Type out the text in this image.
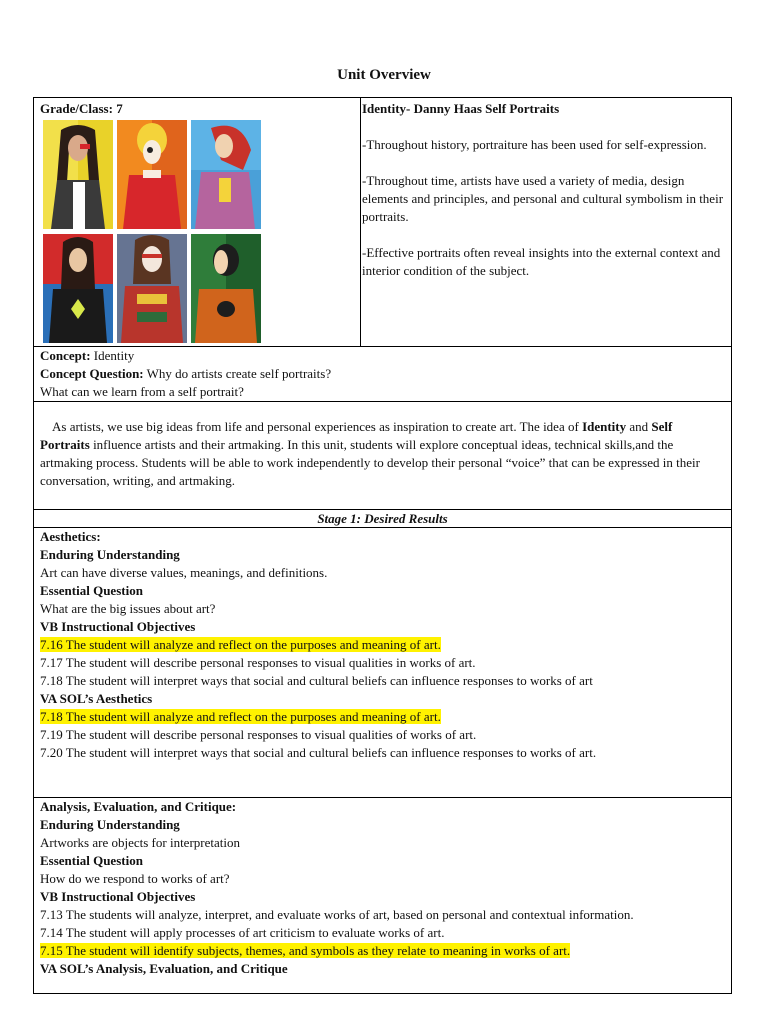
Unit Overview

Grade/Class: 7	Identity- Danny Haas Self Portraits

-Throughout history, portraiture has been used for self-expression.

-Throughout time, artists have used a variety of media, design elements and principles, and personal and cultural symbolism in their portraits.

-Effective portraits often reveal insights into the external context and interior condition of the subject.

Concept: Identity

Concept Question: Why do artists create self portraits?

What can we learn from a self portrait?

As artists, we use big ideas from life and personal experiences as inspiration to create art. The idea of Identity and Self Portraits influence artists and their artmaking. In this unit, students will explore conceptual ideas, technical skills,and the artmaking process. Students will be able to work independently to develop their personal “voice” that can be expressed in their conversation, writing, and artmaking.

Stage 1: Desired Results

Aesthetics:

Enduring Understanding

Art can have diverse values, meanings, and definitions.

Essential Question

What are the big issues about art?

VB Instructional Objectives

7.16 The student will analyze and reflect on the purposes and meaning of art.

7.17 The student will describe personal responses to visual qualities in works of art.

7.18 The student will interpret ways that social and cultural beliefs can influence responses to works of art

VA SOL’s Aesthetics

7.18 The student will analyze and reflect on the purposes and meaning of art.

7.19 The student will describe personal responses to visual qualities of works of art.

7.20 The student will interpret ways that social and cultural beliefs can influence responses to works of art.

Analysis, Evaluation, and Critique:

Enduring Understanding

Artworks are objects for interpretation

Essential Question

How do we respond to works of art?

VB Instructional Objectives

7.13 The students will analyze, interpret, and evaluate works of art, based on personal and contextual information.

7.14 The student will apply processes of art criticism to evaluate works of art.

7.15 The student will identify subjects, themes, and symbols as they relate to meaning in works of art.

VA SOL’s Analysis, Evaluation, and Critique
